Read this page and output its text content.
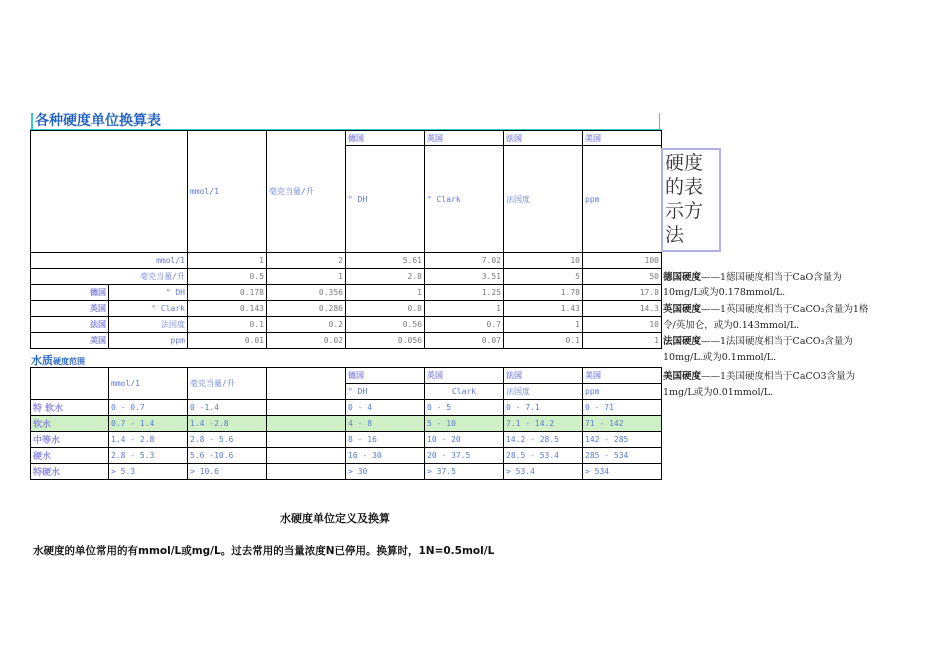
各种硬度单位换算表
		mmol/1	毫克当量/升	德国	英国	法国	美国
				° DH	° Clark	法国度	ppm
	mmol/1	1	2	5.61	7.02	10	100
	毫克当量/升	0.5	1	2.8	3.51	5	50
德国	° DH	0.178	0.356	1	1.25	1.78	17.8
英国	° Clark	0.143	0.286	0.8	1	1.43	14.3
法国	法国度	0.1	0.2	0.56	0.7	1	10
美国	ppm	0.01	0.02	0.056	0.07	0.1	1
硬度的表示方法
德国硬度——1德国硬度相当于CaO含量为
10mg/L或为0.178mmol/L.
英国硬度——1英国硬度相当于CaCO₃含量为1格
令/英加仑，或为0.143mmol/L.
法国硬度——1法国硬度相当于CaCO₃含量为
10mg/L.或为0.1mmol/L.
美国硬度——1美国硬度相当于CaCO3含量为
1mg/L或为0.01mmol/L.
水质硬度范围
	mmol/1	毫克当量/升		德国	英国	法国	美国
				° DH	Clark	法国度	ppm
特 软水	0 - 0.7	0 -1.4		0 - 4	0 - 5	0 - 7.1	0 - 71
软水	0.7 - 1.4	1.4 -2.8		4 - 8	5 - 10	7.1 - 14.2	71 - 142
中等水	1.4 - 2.8	2.8 - 5.6		8 - 16	10 - 20	14.2 - 28.5	142 - 285
硬水	2.8 - 5.3	5.6 -10.6		16 - 30	20 - 37.5	28.5 - 53.4	285 - 534
特硬水	> 5.3	> 10.6		> 30	> 37.5	> 53.4	> 534
水硬度单位定义及换算
水硬度的单位常用的有mmol/L或mg/L。过去常用的当量浓度N已停用。换算时，1N=0.5mol/L
